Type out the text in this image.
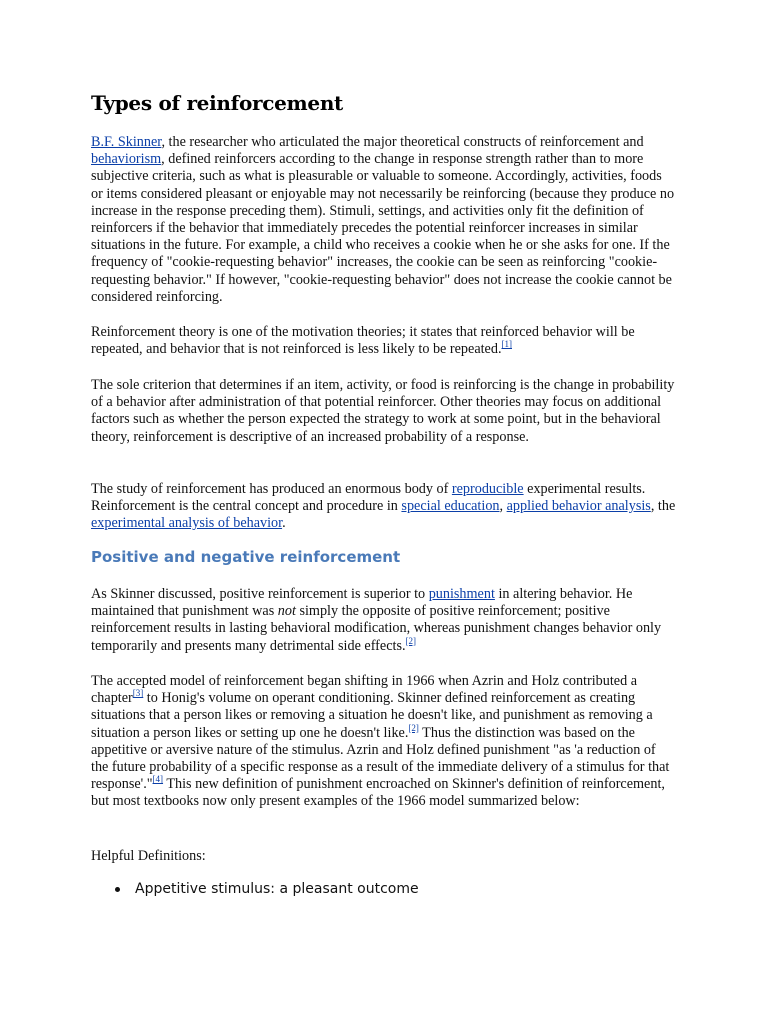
Types of reinforcement

B.F. Skinner, the researcher who articulated the major theoretical constructs of reinforcement and behaviorism, defined reinforcers according to the change in response strength rather than to more subjective criteria, such as what is pleasurable or valuable to someone. Accordingly, activities, foods or items considered pleasant or enjoyable may not necessarily be reinforcing (because they produce no increase in the response preceding them). Stimuli, settings, and activities only fit the definition of reinforcers if the behavior that immediately precedes the potential reinforcer increases in similar situations in the future. For example, a child who receives a cookie when he or she asks for one. If the frequency of "cookie-requesting behavior" increases, the cookie can be seen as reinforcing "cookie-requesting behavior." If however, "cookie-requesting behavior" does not increase the cookie cannot be considered reinforcing.

Reinforcement theory is one of the motivation theories; it states that reinforced behavior will be repeated, and behavior that is not reinforced is less likely to be repeated.[1]

The sole criterion that determines if an item, activity, or food is reinforcing is the change in probability of a behavior after administration of that potential reinforcer. Other theories may focus on additional factors such as whether the person expected the strategy to work at some point, but in the behavioral theory, reinforcement is descriptive of an increased probability of a response.

The study of reinforcement has produced an enormous body of reproducible experimental results. Reinforcement is the central concept and procedure in special education, applied behavior analysis, the experimental analysis of behavior.

Positive and negative reinforcement

As Skinner discussed, positive reinforcement is superior to punishment in altering behavior. He maintained that punishment was not simply the opposite of positive reinforcement; positive reinforcement results in lasting behavioral modification, whereas punishment changes behavior only temporarily and presents many detrimental side effects.[2]

The accepted model of reinforcement began shifting in 1966 when Azrin and Holz contributed a chapter[3] to Honig's volume on operant conditioning. Skinner defined reinforcement as creating situations that a person likes or removing a situation he doesn't like, and punishment as removing a situation a person likes or setting up one he doesn't like.[2] Thus the distinction was based on the appetitive or aversive nature of the stimulus. Azrin and Holz defined punishment "as 'a reduction of the future probability of a specific response as a result of the immediate delivery of a stimulus for that response'."[4] This new definition of punishment encroached on Skinner's definition of reinforcement, but most textbooks now only present examples of the 1966 model summarized below:

Helpful Definitions:

Appetitive stimulus: a pleasant outcome
